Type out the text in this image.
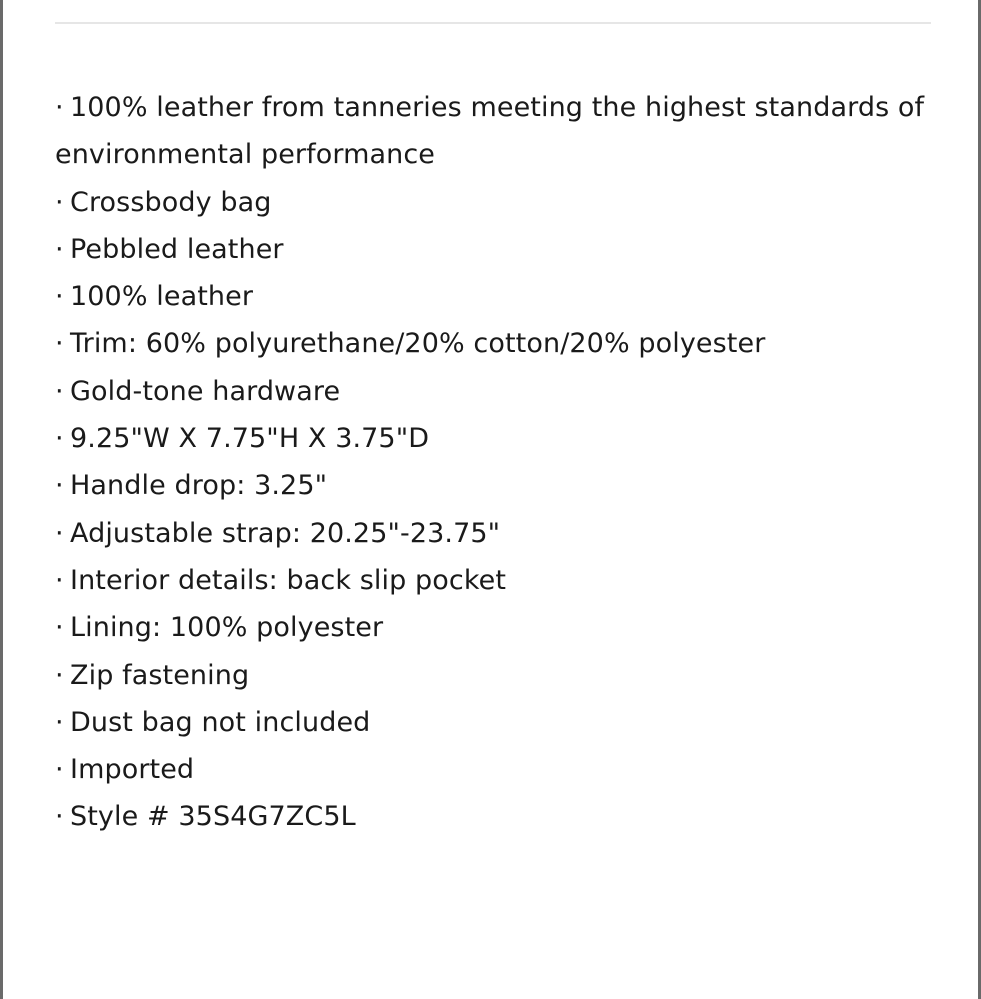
· 100% leather from tanneries meeting the highest standards of environmental performance
· Crossbody bag
· Pebbled leather
· 100% leather
· Trim: 60% polyurethane/20% cotton/20% polyester
· Gold-tone hardware
· 9.25"W X 7.75"H X 3.75"D
· Handle drop: 3.25"
· Adjustable strap: 20.25"-23.75"
· Interior details: back slip pocket
· Lining: 100% polyester
· Zip fastening
· Dust bag not included
· Imported
· Style # 35S4G7ZC5L
